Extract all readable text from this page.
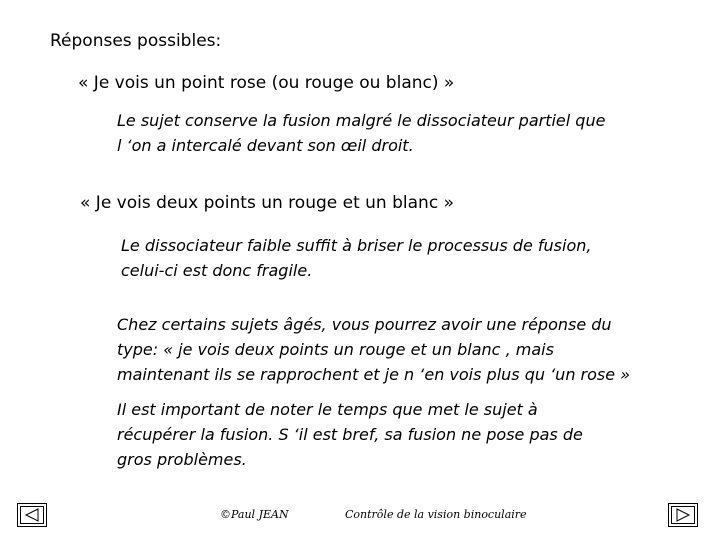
Réponses possibles:
« Je vois un point rose (ou rouge ou blanc) »
Le sujet conserve la fusion malgré le dissociateur partiel que
l ‘on a intercalé devant son œil droit.
« Je vois deux points un rouge et un blanc »
Le dissociateur faible suffit à briser le processus de fusion,
celui-ci est donc fragile.
Chez certains sujets âgés, vous pourrez avoir une réponse du
type: « je vois deux points un rouge et un blanc , mais
maintenant ils se rapprochent et je n ‘en vois plus qu ‘un rose »
Il est important de noter le temps que met le sujet à
récupérer la fusion. S ‘il est bref, sa fusion ne pose pas de
gros problèmes.
©Paul JEAN	Contrôle de la vision binoculaire
